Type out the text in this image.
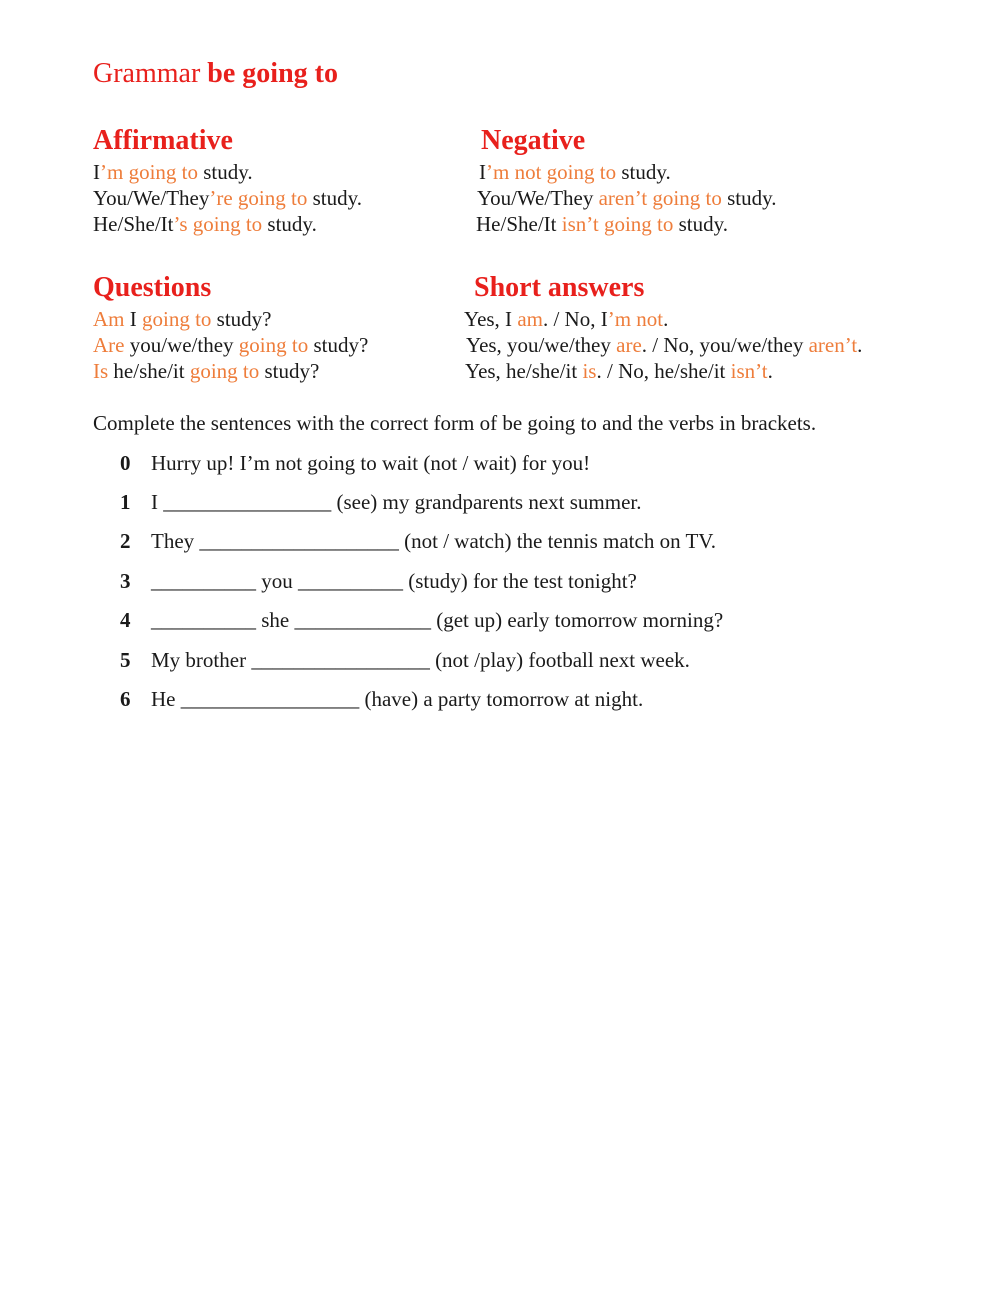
Grammar be going to
Affirmative
I’m going to study.
You/We/They’re going to study.
He/She/It’s going to study.
Negative
I’m not going to study.
You/We/They aren’t going to study.
He/She/It isn’t going to study.
Questions
Am I going to study?
Are you/we/they going to study?
Is he/she/it going to study?
Short answers
Yes, I am. / No, I’m not.
Yes, you/we/they are. / No, you/we/they aren’t.
Yes, he/she/it is. / No, he/she/it isn’t.
Complete the sentences with the correct form of be going to and the verbs in brackets.
0 Hurry up! I’m not going to wait (not / wait) for you!
1 I ________________ (see) my grandparents next summer.
2 They ___________________ (not / watch) the tennis match on TV.
3 __________ you __________ (study) for the test tonight?
4 __________ she _____________ (get up) early tomorrow morning?
5 My brother _________________ (not /play) football next week.
6 He _________________ (have) a party tomorrow at night.
